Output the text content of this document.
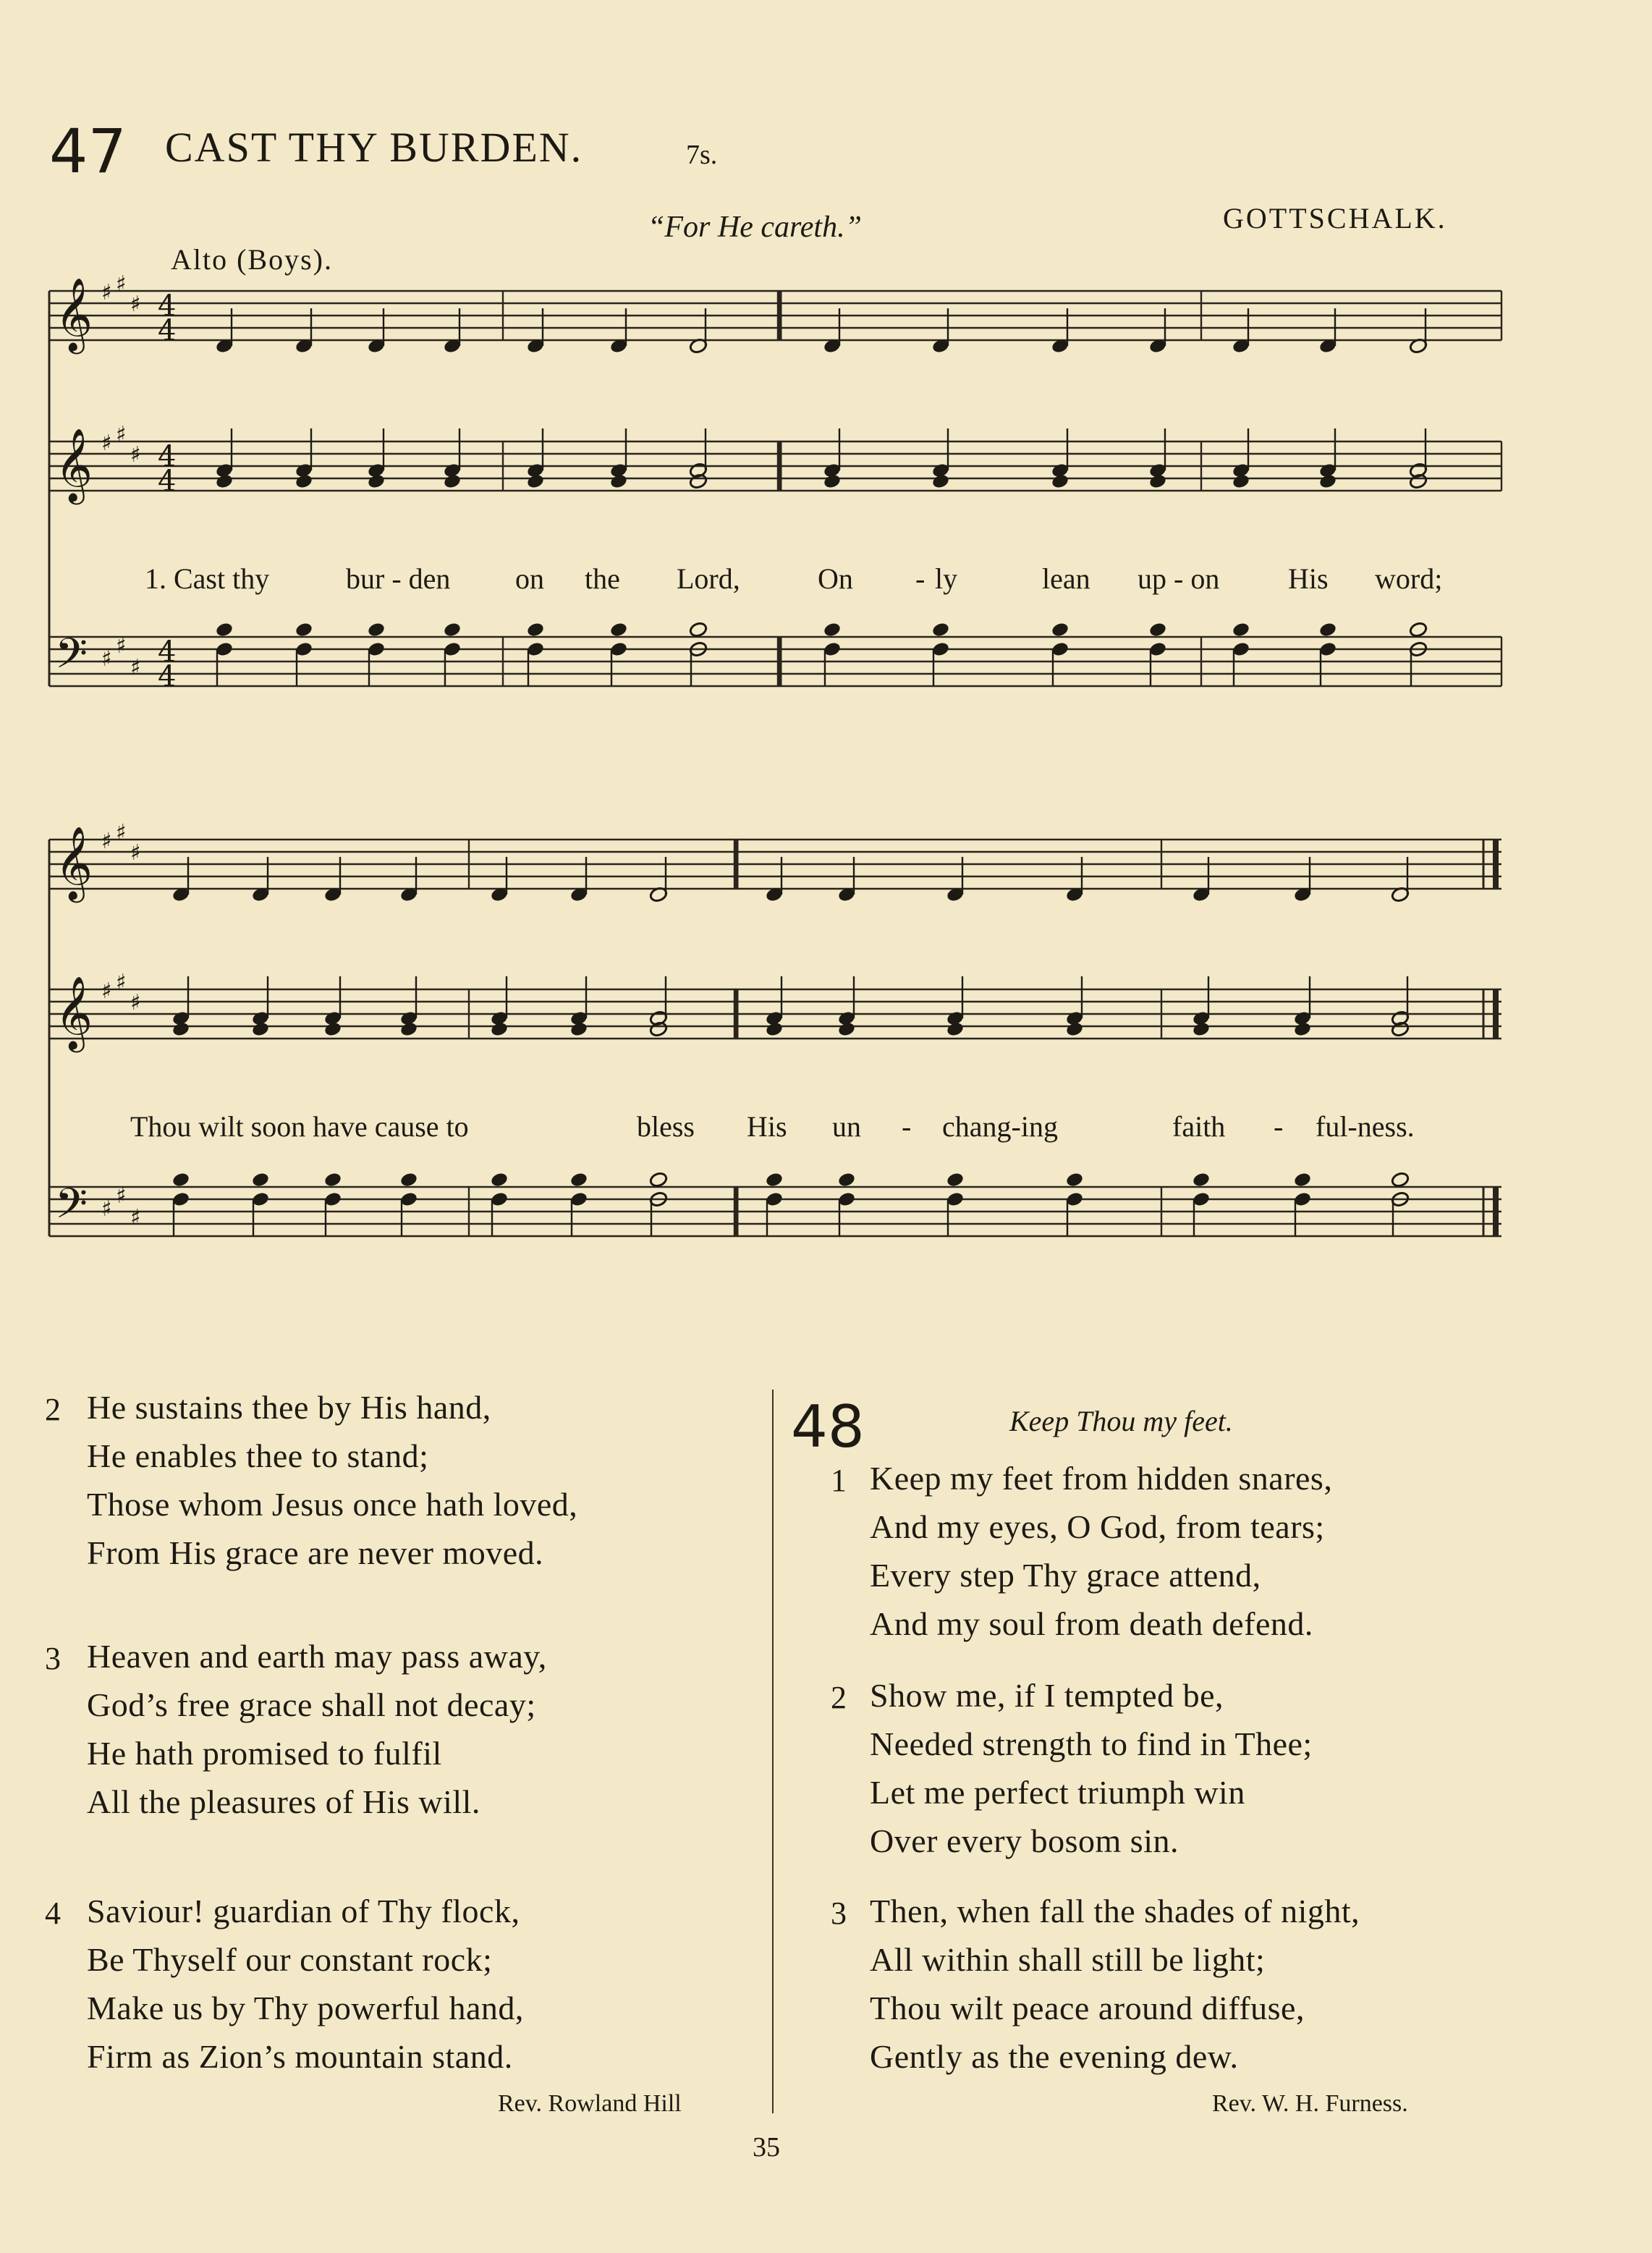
47 CAST THY BURDEN.	7s.
“For He careth.”	GOTTSCHALK.
Alto (Boys).
𝄞
𝄞
𝄢
♯ ♯
♯ 4
4
♯ ♯
♯ 4
4
♯
♯
♯ 4
4
𝄞
𝄞
𝄢
♯ ♯
♯
♯ ♯
♯
♯
♯
♯
1. Cast thy	bur - den on the Lord,	On - ly	lean up - on His word;
Thou wilt soon have cause to	bless His un - chang-ing	faith - ful-ness.
2 He sustains thee by His hand,
He enables thee to stand;
Those whom Jesus once hath loved,
From His grace are never moved.
3 Heaven and earth may pass away,
God’s free grace shall not decay;
He hath promised to fulfil
All the pleasures of His will.
4 Saviour! guardian of Thy flock,
Be Thyself our constant rock;
Make us by Thy powerful hand,
Firm as Zion’s mountain stand.
Rev. Rowland Hill
48	Keep Thou my feet.
1 Keep my feet from hidden snares,
And my eyes, O God, from tears;
Every step Thy grace attend,
And my soul from death defend.
2 Show me, if I tempted be,
Needed strength to find in Thee;
Let me perfect triumph win
Over every bosom sin.
3 Then, when fall the shades of night,
All within shall still be light;
Thou wilt peace around diffuse,
Gently as the evening dew.
Rev. W. H. Furness.
35
